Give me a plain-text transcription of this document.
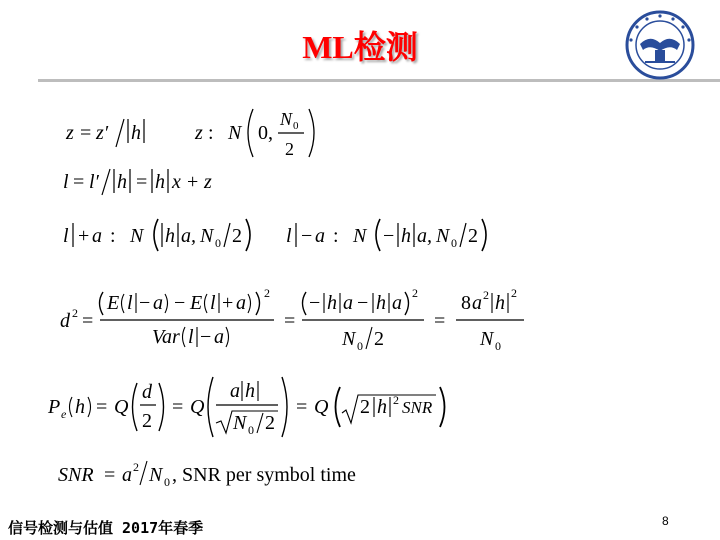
ML检测
z = z′ h	z : N 0,
N 0
2
l = l′ h = h x + z
l + a : N h a, N 0 2 l − a : N − h a, N 0 2
d 2 =
E l − a − E l + a 2
Var l − a
=
− h a − h a 2
N 0 2
=
8 a 2 h 2
N 0
P e h = Q
d
2
= Q
a h
N 0 2
= Q 2 h 2 SNR
SNR = a 2 N 0 , SNR per symbol time
信号检测与估值 2017年春季	8
